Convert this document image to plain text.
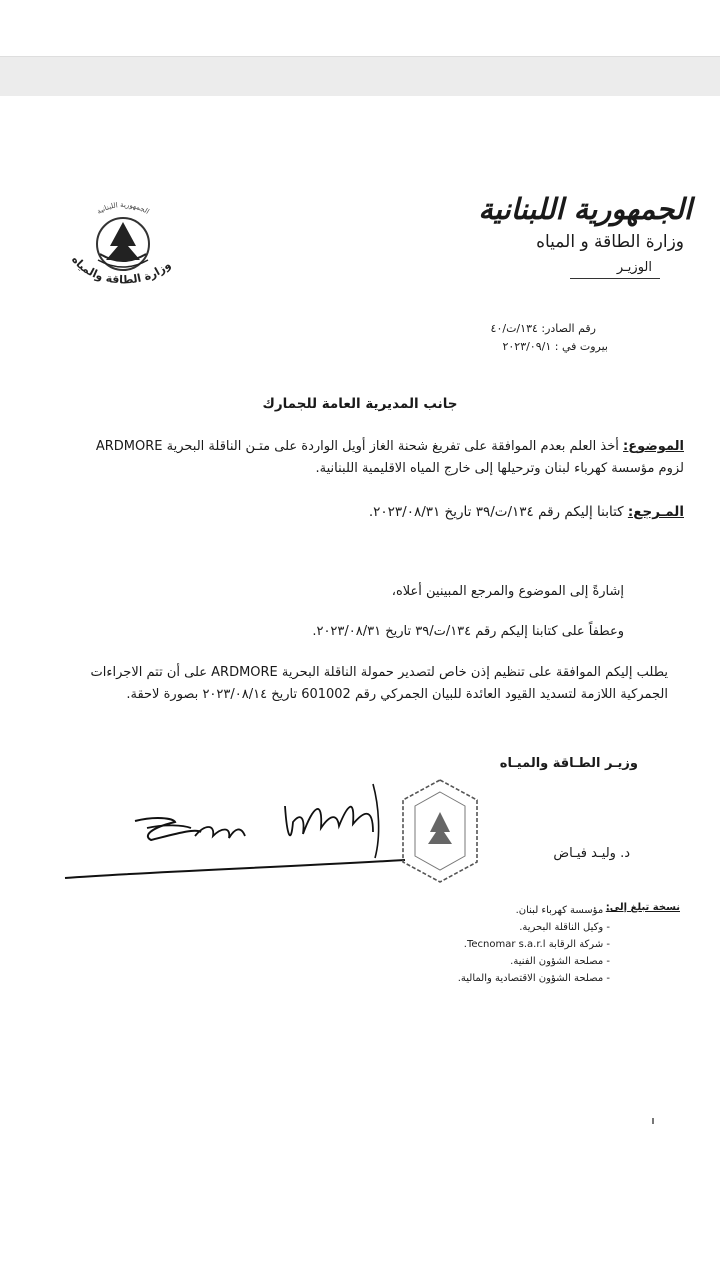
الجمهورية اللبنانية
وزارة الطاقة و المياه
الوزيـر
الجمهورية اللبنانية
وزارة الطاقة والمياه
رقم الصادر: ١٣٤/ت/٤٠
بيروت في : ٢٠٢٣/٠٩/١
جانب المديرية العامة للجمارك
الموضوع: أخذ العلم بعدم الموافقة على تفريغ شحنة الغاز أويل الواردة على متـن الناقلة البحرية ARDMORE لزوم مؤسسة كهرباء لبنان وترحيلها إلى خارج المياه الاقليمية اللبنانية.
المـرجع: كتابنا إليكم رقم ١٣٤/ت/٣٩ تاريخ ٢٠٢٣/٠٨/٣١.
إشارةً إلى الموضوع والمرجع المبينين أعلاه،
وعطفاً على كتابنا إليكم رقم ١٣٤/ت/٣٩ تاريخ ٢٠٢٣/٠٨/٣١.
يطلب إليكم الموافقة على تنظيم إذن خاص لتصدير حمولة الناقلة البحرية ARDMORE على أن تتم الاجراءات الجمركية اللازمة لتسديد القيود العائدة للبيان الجمركي رقم 601002 تاريخ ٢٠٢٣/٠٨/١٤ بصورة لاحقة.
وزيـر الطـاقة والميـاه
د. وليـد فيـاض
نسخة تبلغ إلى:
- مؤسسة كهرباء لبنان.
- وكيل الناقلة البحرية.
- شركة الرقابة Tecnomar s.a.r.l.
- مصلحة الشؤون الفنية.
- مصلحة الشؤون الاقتصادية والمالية.
